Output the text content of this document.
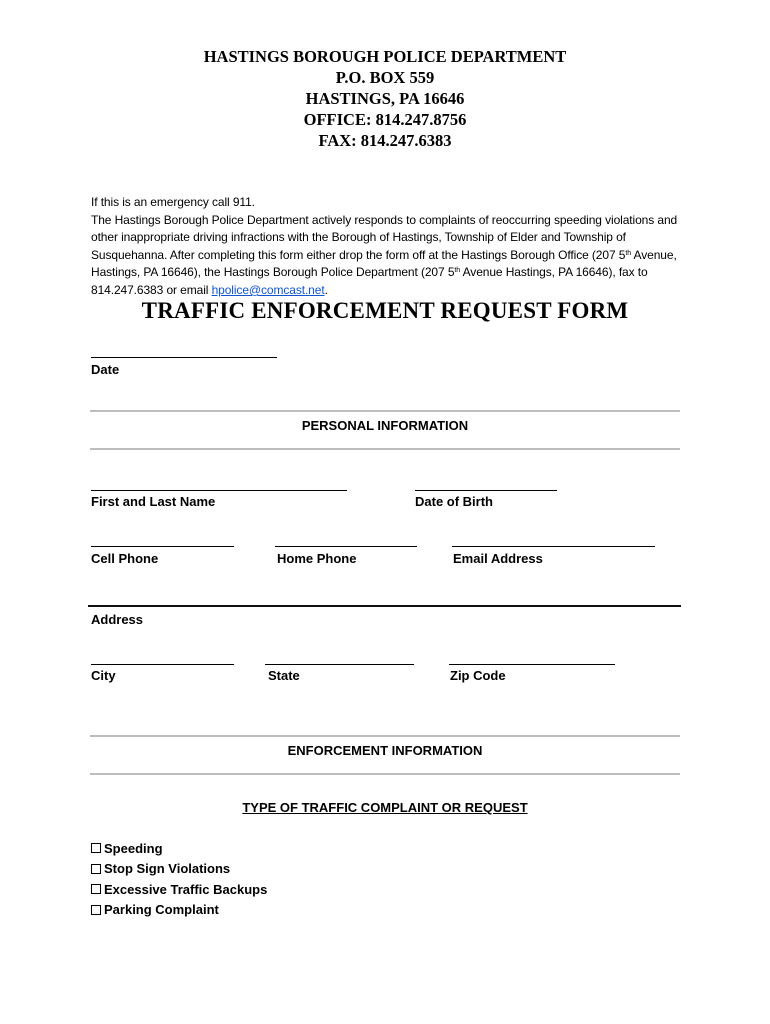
HASTINGS BOROUGH POLICE DEPARTMENT
P.O. BOX 559
HASTINGS, PA 16646
OFFICE: 814.247.8756
FAX: 814.247.6383

If this is an emergency call 911.

The Hastings Borough Police Department actively responds to complaints of reoccurring speeding violations and other inappropriate driving infractions with the Borough of Hastings, Township of Elder and Township of Susquehanna. After completing this form either drop the form off at the Hastings Borough Office (207 5th Avenue, Hastings, PA 16646), the Hastings Borough Police Department (207 5th Avenue Hastings, PA 16646), fax to 814.247.6383 or email hpolice@comcast.net.

TRAFFIC ENFORCEMENT REQUEST FORM
Date
PERSONAL INFORMATION
First and Last Name	Date of Birth
Cell Phone	Home Phone	Email Address
Address
City	State	Zip Code
ENFORCEMENT INFORMATION
TYPE OF TRAFFIC COMPLAINT OR REQUEST
Speeding
Stop Sign Violations
Excessive Traffic Backups
Parking Complaint
